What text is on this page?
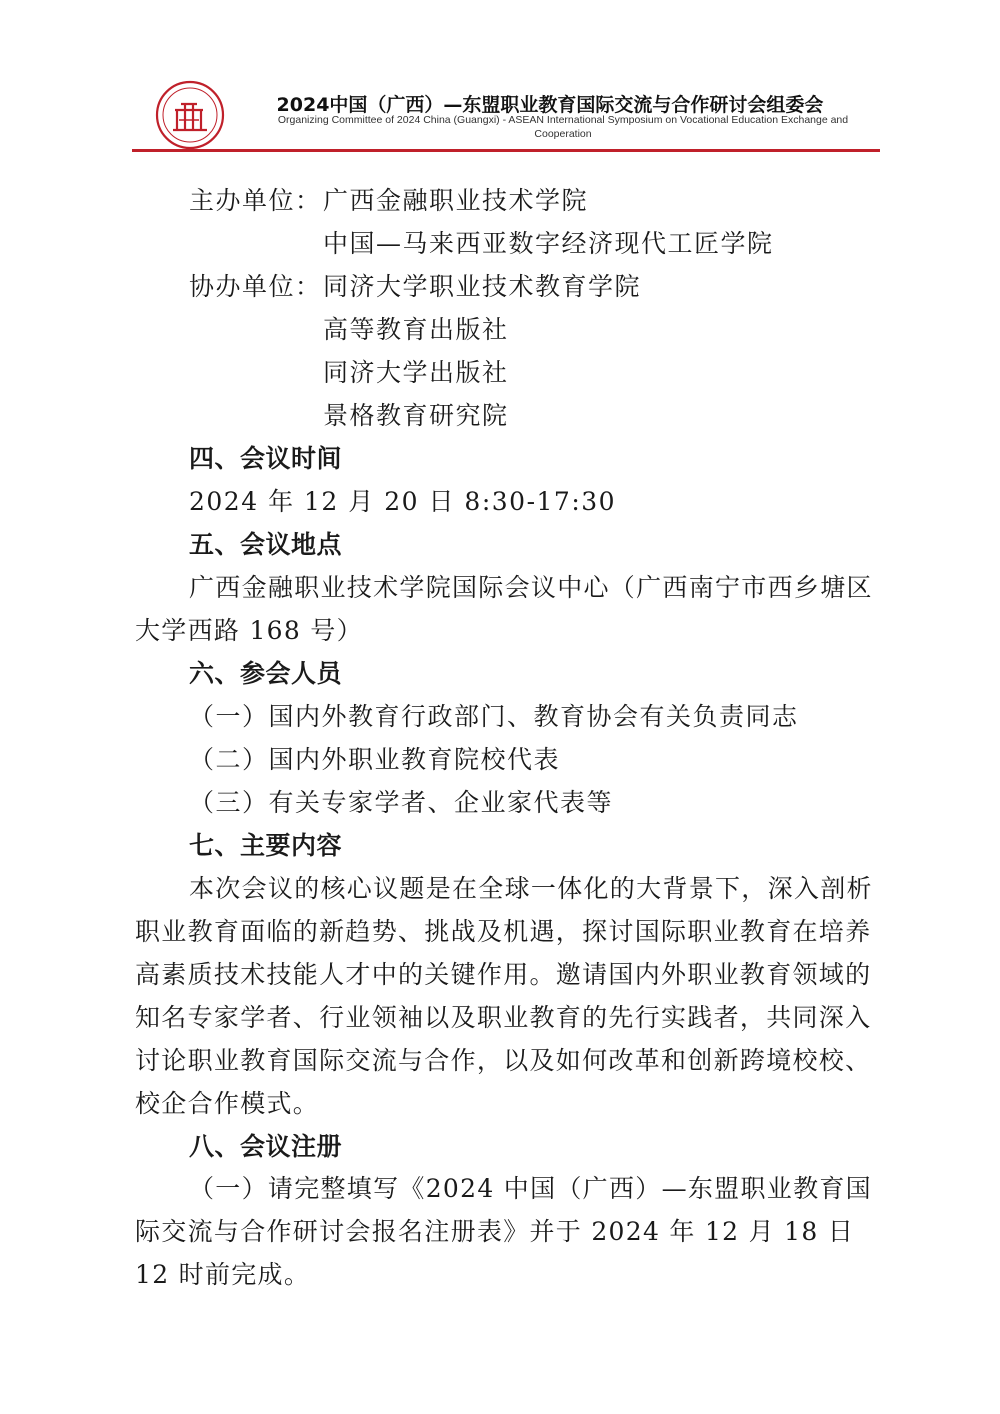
2024中国（广西）—东盟职业教育国际交流与合作研讨会组委会
Organizing Committee of 2024 China (Guangxi) - ASEAN International Symposium on Vocational Education Exchange and Cooperation
主办单位： 广西金融职业技术学院
中国—马来西亚数字经济现代工匠学院
协办单位： 同济大学职业技术教育学院
高等教育出版社
同济大学出版社
景格教育研究院
四、会议时间
2024 年 12 月 20 日 8:30-17:30
五、会议地点
广西金融职业技术学院国际会议中心（广西南宁市西乡塘区大学西路 168 号）
六、参会人员
（一）国内外教育行政部门、教育协会有关负责同志
（二）国内外职业教育院校代表
（三）有关专家学者、企业家代表等
七、主要内容
本次会议的核心议题是在全球一体化的大背景下，深入剖析职业教育面临的新趋势、挑战及机遇，探讨国际职业教育在培养高素质技术技能人才中的关键作用。邀请国内外职业教育领域的知名专家学者、行业领袖以及职业教育的先行实践者，共同深入讨论职业教育国际交流与合作，以及如何改革和创新跨境校校、校企合作模式。
八、会议注册
（一）请完整填写《2024 中国（广西）—东盟职业教育国际交流与合作研讨会报名注册表》并于 2024 年 12 月 18 日 12 时前完成。
